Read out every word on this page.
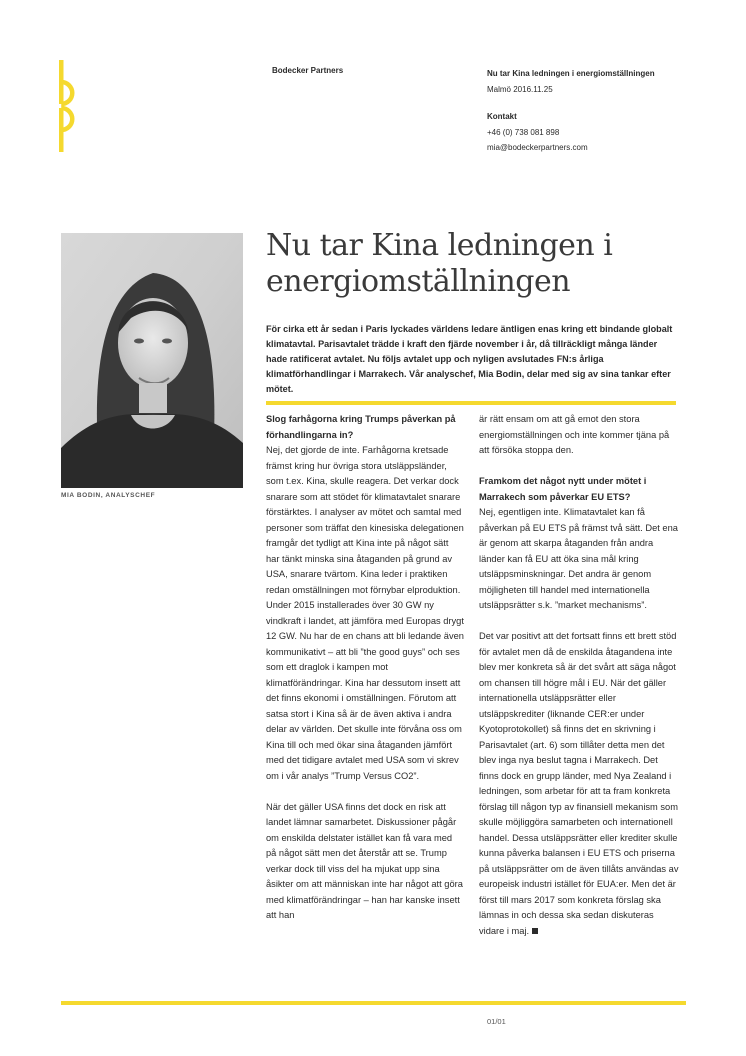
Bodecker Partners	Nu tar Kina ledningen i energiomställningen
Malmö 2016.11.25
Kontakt
+46 (0) 738 081 898
mia@bodeckerpartners.com
MIA BODIN, ANALYSCHEF
Nu tar Kina ledningen i energiomställningen

För cirka ett år sedan i Paris lyckades världens ledare äntligen enas kring ett bindande globalt klimatavtal. Parisavtalet trädde i kraft den fjärde november i år, då tillräckligt många länder hade ratificerat avtalet. Nu följs avtalet upp och nyligen avslutades FN:s årliga klimatförhandlingar i Marrakech. Vår analyschef, Mia Bodin, delar med sig av sina tankar efter mötet.

Slog farhågorna kring Trumps påverkan på förhandlingarna in?

Nej, det gjorde de inte. Farhågorna kretsade främst kring hur övriga stora utsläppsländer, som t.ex. Kina, skulle reagera. Det verkar dock snarare som att stödet för klimatavtalet snarare förstärktes. I analyser av mötet och samtal med personer som träffat den kinesiska delegationen framgår det tydligt att Kina inte på något sätt har tänkt minska sina åtaganden på grund av USA, snarare tvärtom. Kina leder i praktiken redan omställningen mot förnybar elproduktion. Under 2015 installerades över 30 GW ny vindkraft i landet, att jämföra med Europas drygt 12 GW. Nu har de en chans att bli ledande även kommunikativt – att bli ”the good guys” och ses som ett draglok i kampen mot klimatförändringar. Kina har dessutom insett att det finns ekonomi i omställningen. Förutom att satsa stort i Kina så är de även aktiva i andra delar av världen. Det skulle inte förvåna oss om Kina till och med ökar sina åtaganden jämfört med det tidigare avtalet med USA som vi skrev om i vår analys ”Trump Versus CO2”.

När det gäller USA finns det dock en risk att landet lämnar samarbetet. Diskussioner pågår om enskilda delstater istället kan få vara med på något sätt men det återstår att se. Trump verkar dock till viss del ha mjukat upp sina åsikter om att människan inte har något att göra med klimatförändringar – han har kanske insett att han

är rätt ensam om att gå emot den stora energiomställningen och inte kommer tjäna på att försöka stoppa den.

Framkom det något nytt under mötet i Marrakech som påverkar EU ETS?

Nej, egentligen inte. Klimatavtalet kan få påverkan på EU ETS på främst två sätt. Det ena är genom att skarpa åtaganden från andra länder kan få EU att öka sina mål kring utsläppsminskningar. Det andra är genom möjligheten till handel med internationella utsläppsrätter s.k. ”market mechanisms”.

Det var positivt att det fortsatt finns ett brett stöd för avtalet men då de enskilda åtagandena inte blev mer konkreta så är det svårt att säga något om chansen till högre mål i EU. När det gäller internationella utsläppsrätter eller utsläppskrediter (liknande CER:er under Kyotoprotokollet) så finns det en skrivning i Parisavtalet (art. 6) som tillåter detta men det blev inga nya beslut tagna i Marrakech. Det finns dock en grupp länder, med Nya Zealand i ledningen, som arbetar för att ta fram konkreta förslag till någon typ av finansiell mekanism som skulle möjliggöra samarbeten och internationell handel. Dessa utsläppsrätter eller krediter skulle kunna påverka balansen i EU ETS och priserna på utsläppsrätter om de även tillåts användas av europeisk industri istället för EUA:er. Men det är först till mars 2017 som konkreta förslag ska lämnas in och dessa ska sedan diskuteras vidare i maj.

01/01
